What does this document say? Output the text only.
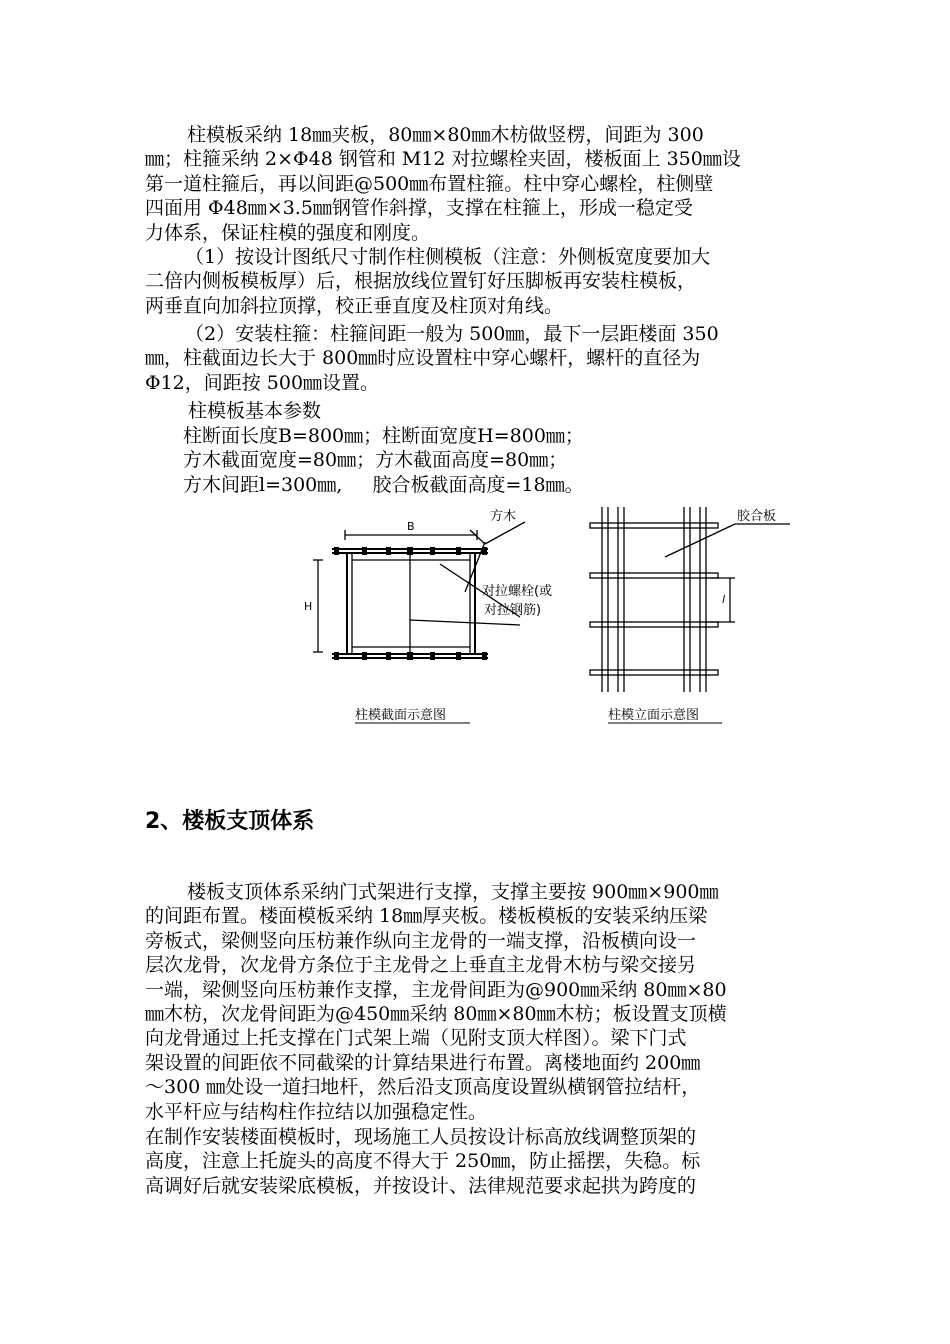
柱模板采纳 18㎜夹板，80㎜×80㎜木枋做竖楞，间距为 300
㎜；柱箍采纳 2×Φ48 钢管和 M12 对拉螺栓夹固，楼板面上 350㎜设
第一道柱箍后，再以间距@500㎜布置柱箍。柱中穿心螺栓，柱侧壁
四面用 Φ48㎜×3.5㎜钢管作斜撑，支撑在柱箍上，形成一稳定受
力体系，保证柱模的强度和刚度。
（1）按设计图纸尺寸制作柱侧模板（注意：外侧板宽度要加大
二倍内侧板模板厚）后，根据放线位置钉好压脚板再安装柱模板，
两垂直向加斜拉顶撑，校正垂直度及柱顶对角线。
（2）安装柱箍：柱箍间距一般为 500㎜，最下一层距楼面 350
㎜，柱截面边长大于 800㎜时应设置柱中穿心螺杆，螺杆的直径为
Φ12，间距按 500㎜设置。
柱模板基本参数
柱断面长度B=800㎜；柱断面宽度H=800㎜；
方木截面宽度=80㎜；方木截面高度=80㎜；
方木间距l=300㎜,     胶合板截面高度=18㎜。
B
H
方木
对拉螺栓(或
对拉钢筋)
柱模截面示意图
胶合板
l
柱模立面示意图
2、楼板支顶体系
楼板支顶体系采纳门式架进行支撑，支撑主要按 900㎜×900㎜
的间距布置。楼面模板采纳 18㎜厚夹板。楼板模板的安装采纳压梁
旁板式，梁侧竖向压枋兼作纵向主龙骨的一端支撑，沿板横向设一
层次龙骨，次龙骨方条位于主龙骨之上垂直主龙骨木枋与梁交接另
一端，梁侧竖向压枋兼作支撑，主龙骨间距为@900㎜采纳 80㎜×80
㎜木枋，次龙骨间距为@450㎜采纳 80㎜×80㎜木枋；板设置支顶横
向龙骨通过上托支撑在门式架上端（见附支顶大样图）。梁下门式
架设置的间距依不同截梁的计算结果进行布置。离楼地面约 200㎜
～300 ㎜处设一道扫地杆，然后沿支顶高度设置纵横钢管拉结杆，
水平杆应与结构柱作拉结以加强稳定性。
在制作安装楼面模板时，现场施工人员按设计标高放线调整顶架的
高度，注意上托旋头的高度不得大于 250㎜，防止摇摆，失稳。标
高调好后就安装梁底模板，并按设计、法律规范要求起拱为跨度的
